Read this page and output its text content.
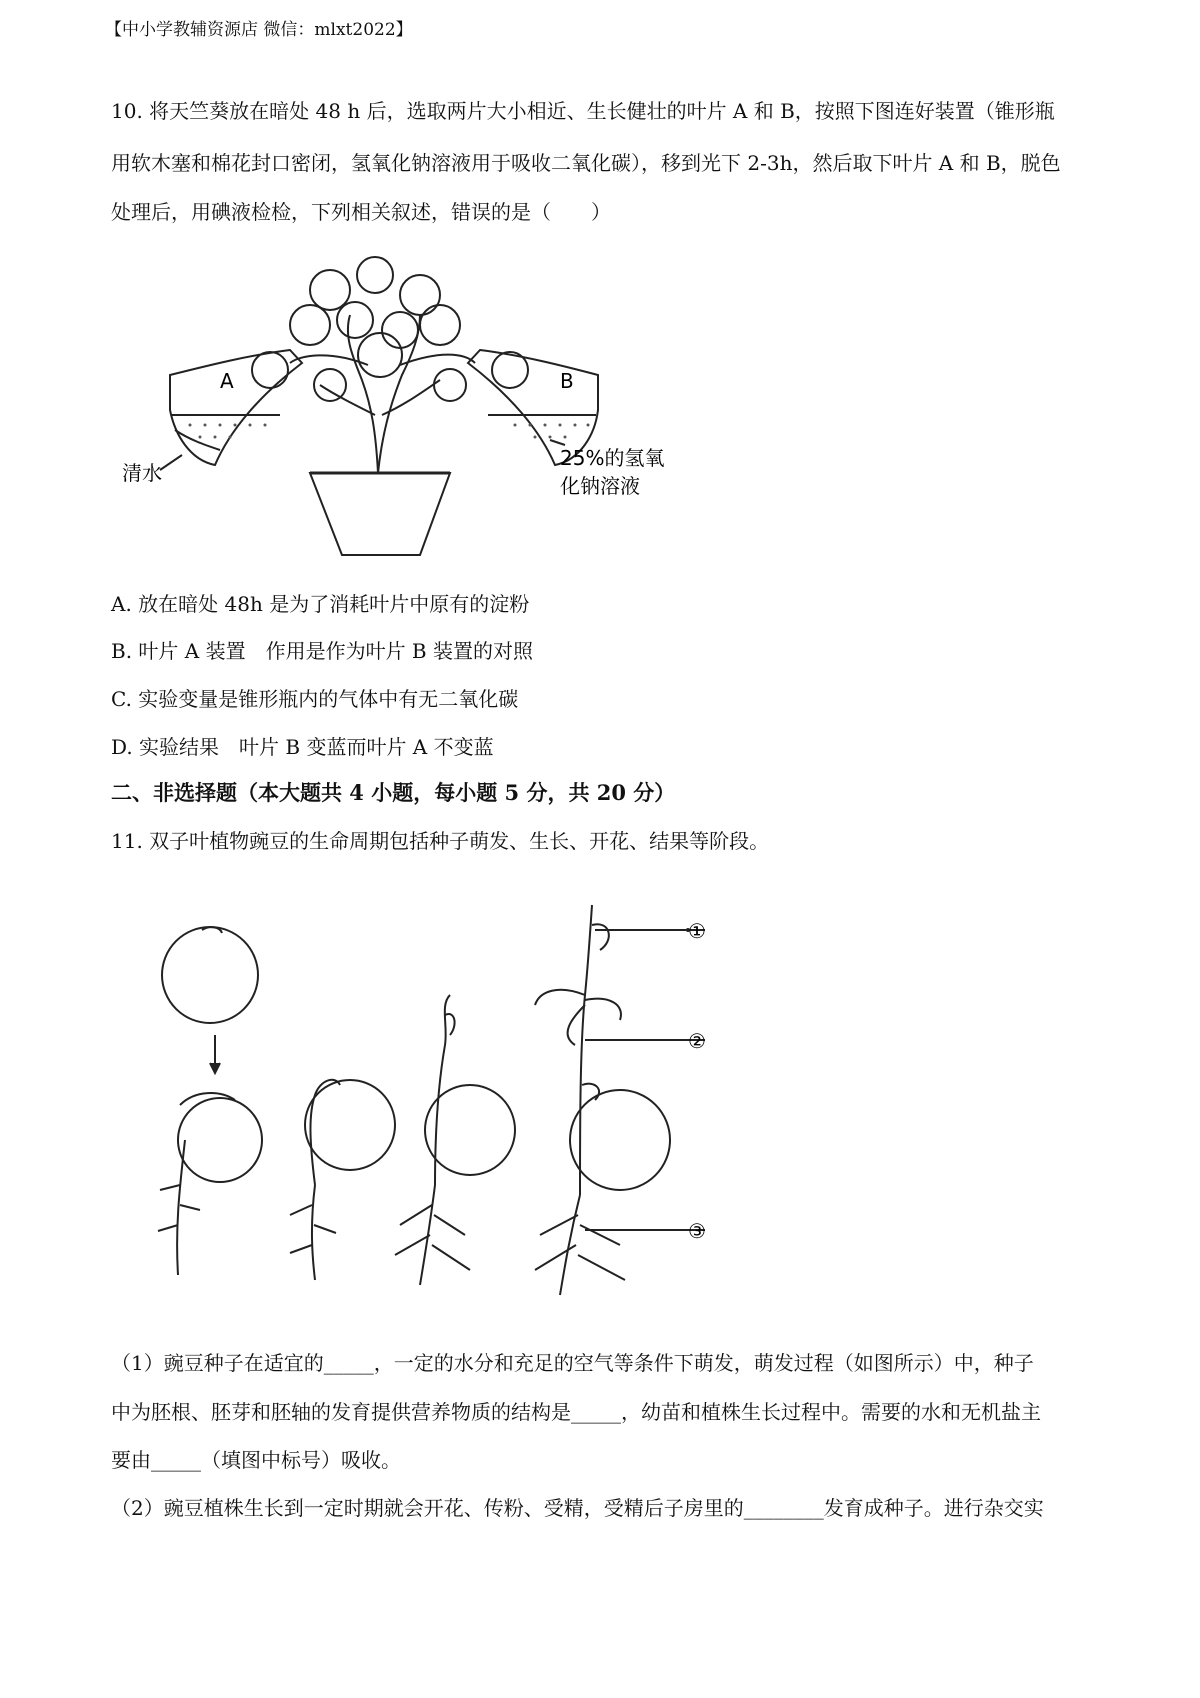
【中小学教辅资源店 微信：mlxt2022】
10. 将天竺葵放在暗处 48 h 后，选取两片大小相近、生长健壮的叶片 A 和 B，按照下图连好装置（锥形瓶
用软木塞和棉花封口密闭，氢氧化钠溶液用于吸收二氧化碳），移到光下 2-3h，然后取下叶片 A 和 B，脱色
处理后，用碘液检检，下列相关叙述，错误的是（　　）
A	B
清水
25%的氢氧
化钠溶液
A. 放在暗处 48h 是为了消耗叶片中原有的淀粉
B. 叶片 A 装置　作用是作为叶片 B 装置的对照
C. 实验变量是锥形瓶内的气体中有无二氧化碳
D. 实验结果　叶片 B 变蓝而叶片 A 不变蓝
二、非选择题（本大题共 4 小题，每小题 5 分，共 20 分）
11. 双子叶植物豌豆的生命周期包括种子萌发、生长、开花、结果等阶段。
①
②
③
（1）豌豆种子在适宜的_____，一定的水分和充足的空气等条件下萌发，萌发过程（如图所示）中，种子
中为胚根、胚芽和胚轴的发育提供营养物质的结构是_____，幼苗和植株生长过程中。需要的水和无机盐主
要由_____（填图中标号）吸收。
（2）豌豆植株生长到一定时期就会开花、传粉、受精，受精后子房里的________发育成种子。进行杂交实
